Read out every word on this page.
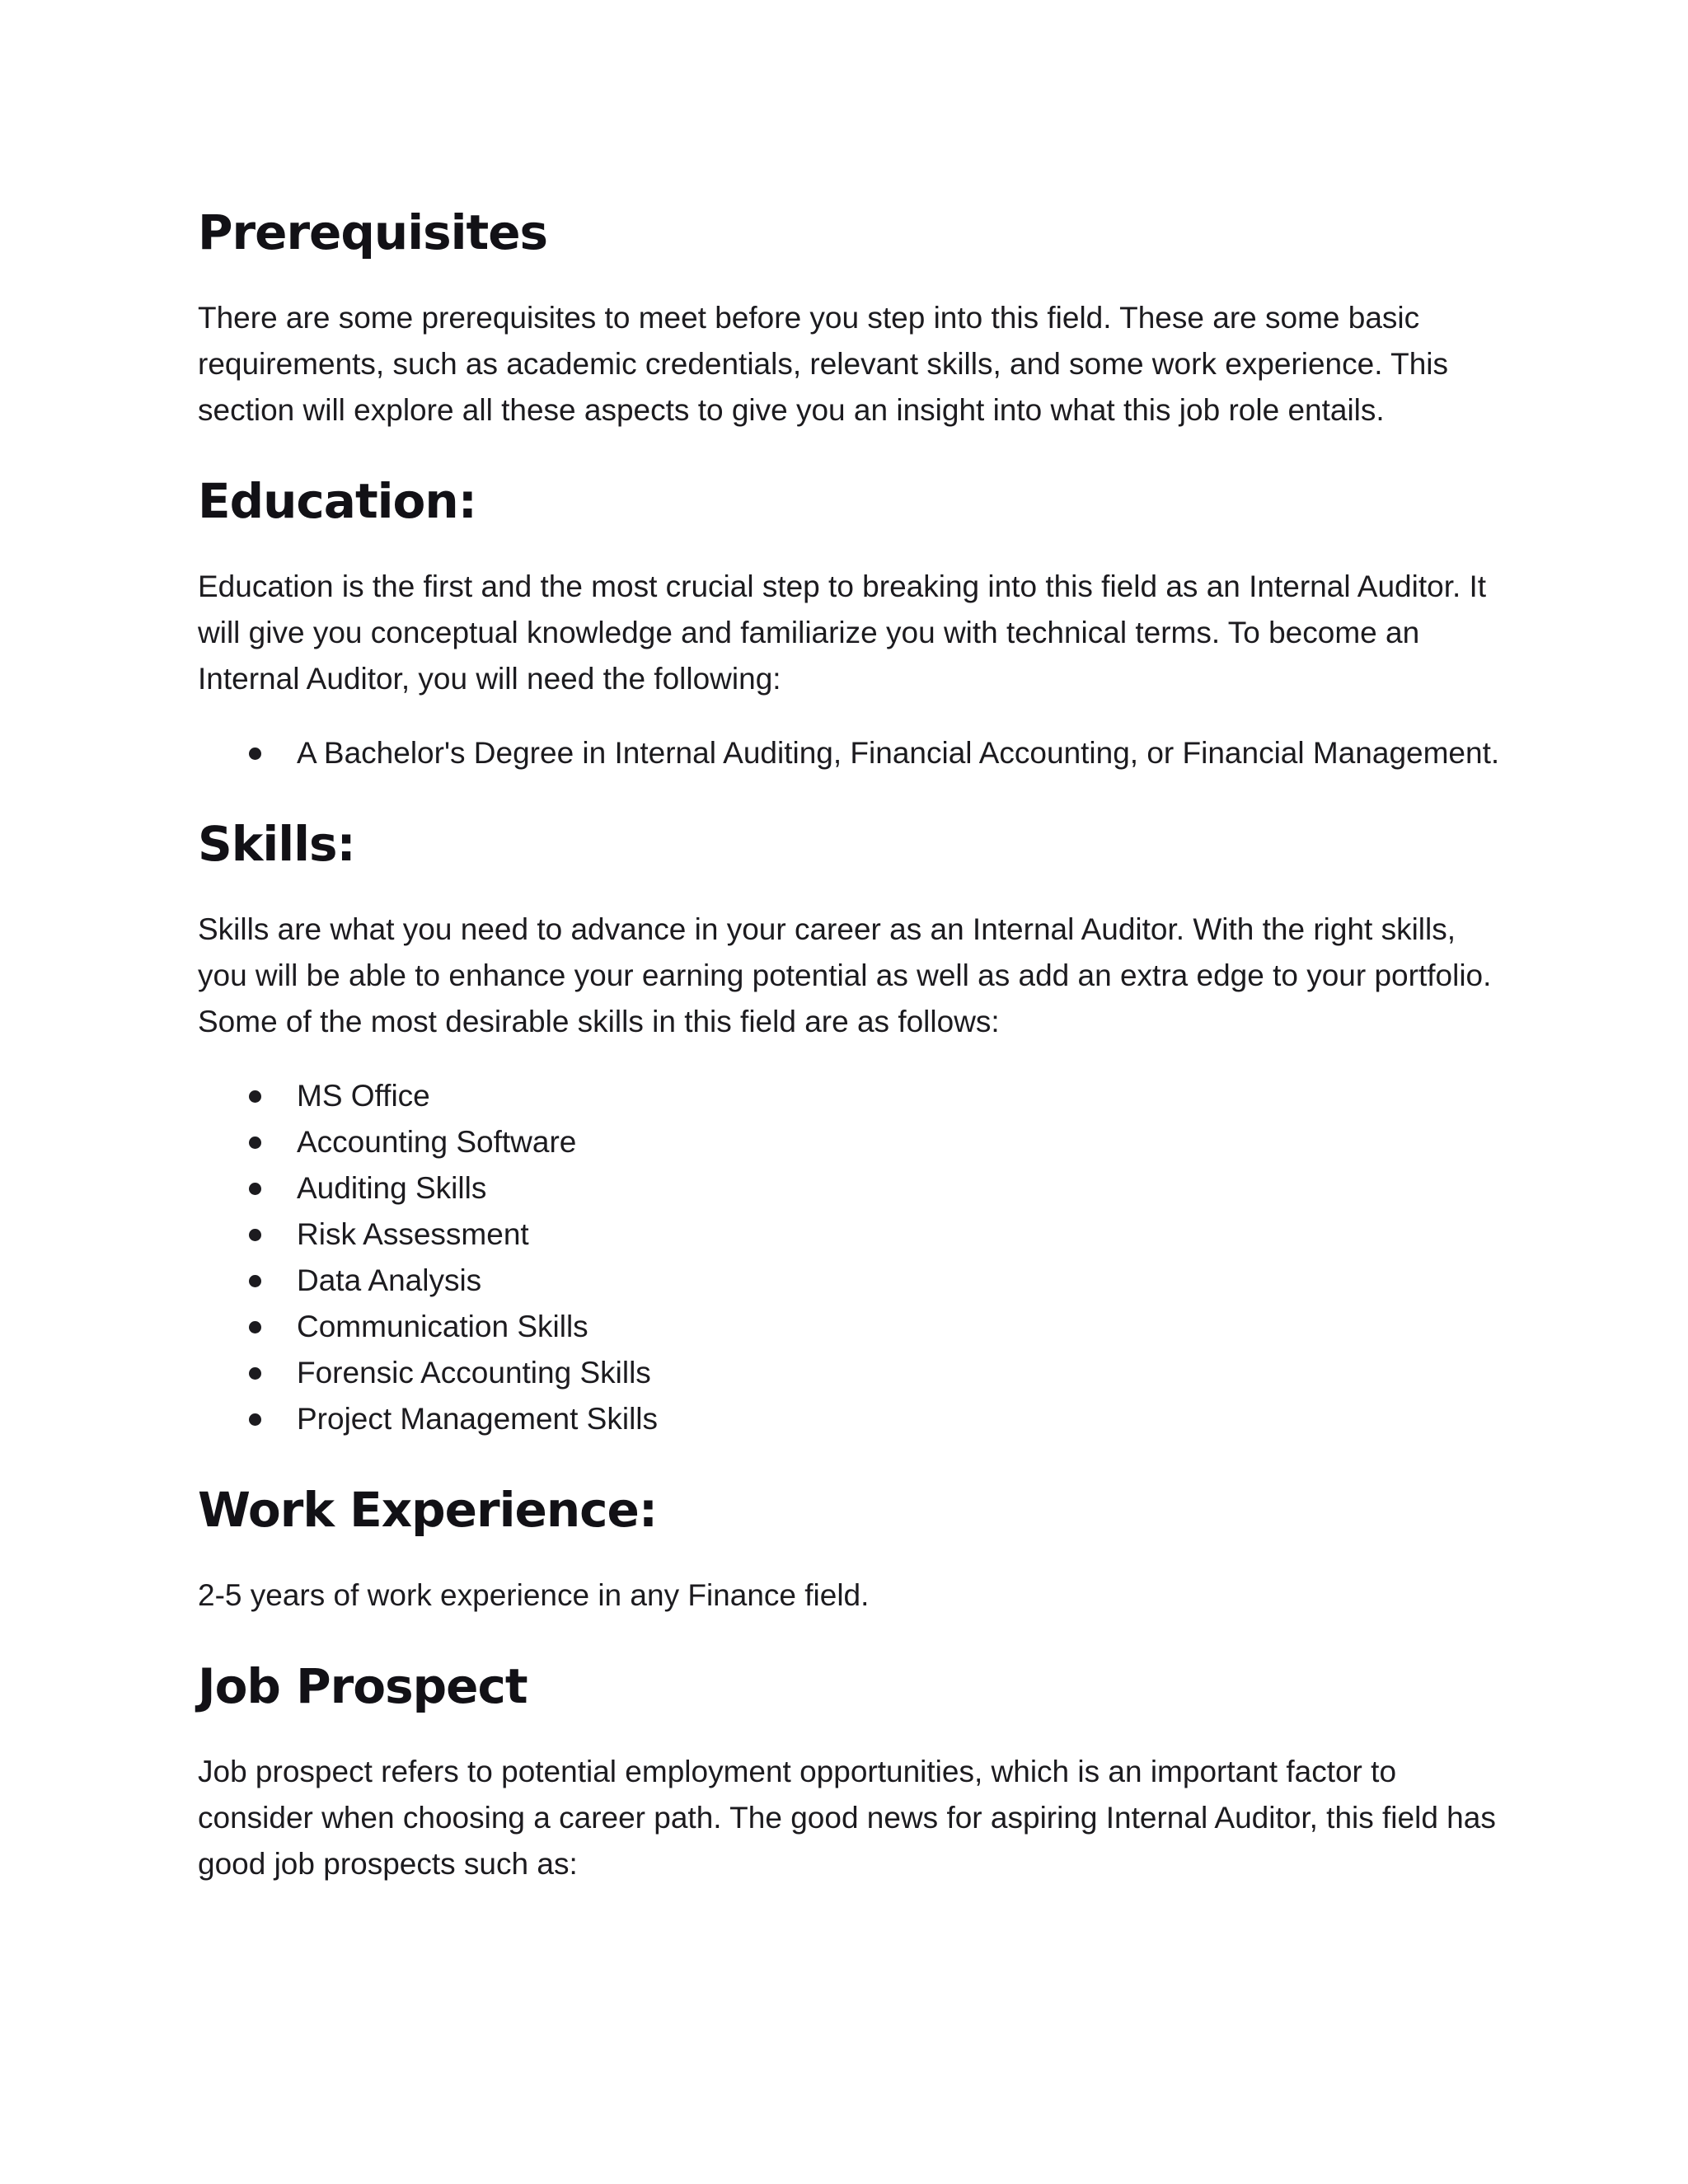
Prerequisites

There are some prerequisites to meet before you step into this field. These are some basic requirements, such as academic credentials, relevant skills, and some work experience. This section will explore all these aspects to give you an insight into what this job role entails.

Education:

Education is the first and the most crucial step to breaking into this field as an Internal Auditor. It will give you conceptual knowledge and familiarize you with technical terms. To become an Internal Auditor, you will need the following:

A Bachelor's Degree in Internal Auditing, Financial Accounting, or Financial Management.
Skills:

Skills are what you need to advance in your career as an Internal Auditor. With the right skills, you will be able to enhance your earning potential as well as add an extra edge to your portfolio. Some of the most desirable skills in this field are as follows:

MS Office
Accounting Software
Auditing Skills
Risk Assessment
Data Analysis
Communication Skills
Forensic Accounting Skills
Project Management Skills
Work Experience:

2-5 years of work experience in any Finance field.

Job Prospect

Job prospect refers to potential employment opportunities, which is an important factor to consider when choosing a career path. The good news for aspiring Internal Auditor, this field has good job prospects such as:
